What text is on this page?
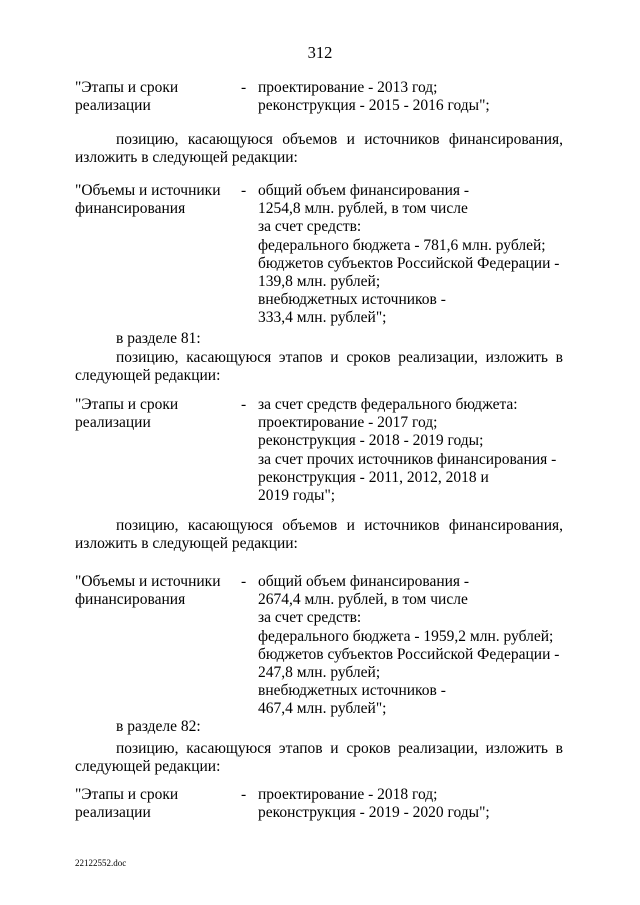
312
"Этапы и сроки
реализации
- проектирование - 2013 год;
реконструкция - 2015 - 2016 годы";
позицию, касающуюся объемов и источников финансирования,
изложить в следующей редакции:
"Объемы и источники
финансирования
- общий объем финансирования -
1254,8 млн. рублей, в том числе
за счет средств:
федерального бюджета - 781,6 млн. рублей;
бюджетов субъектов Российской Федерации -
139,8 млн. рублей;
внебюджетных источников -
333,4 млн. рублей";
в разделе 81:
позицию, касающуюся этапов и сроков реализации, изложить в
следующей редакции:
"Этапы и сроки
реализации
- за счет средств федерального бюджета:
проектирование - 2017 год;
реконструкция - 2018 - 2019 годы;
за счет прочих источников финансирования -
реконструкция - 2011, 2012, 2018 и
2019 годы";
позицию, касающуюся объемов и источников финансирования,
изложить в следующей редакции:
"Объемы и источники
финансирования
- общий объем финансирования -
2674,4 млн. рублей, в том числе
за счет средств:
федерального бюджета - 1959,2 млн. рублей;
бюджетов субъектов Российской Федерации -
247,8 млн. рублей;
внебюджетных источников -
467,4 млн. рублей";
в разделе 82:
позицию, касающуюся этапов и сроков реализации, изложить в
следующей редакции:
"Этапы и сроки
реализации
- проектирование - 2018 год;
реконструкция - 2019 - 2020 годы";
22122552.doc
